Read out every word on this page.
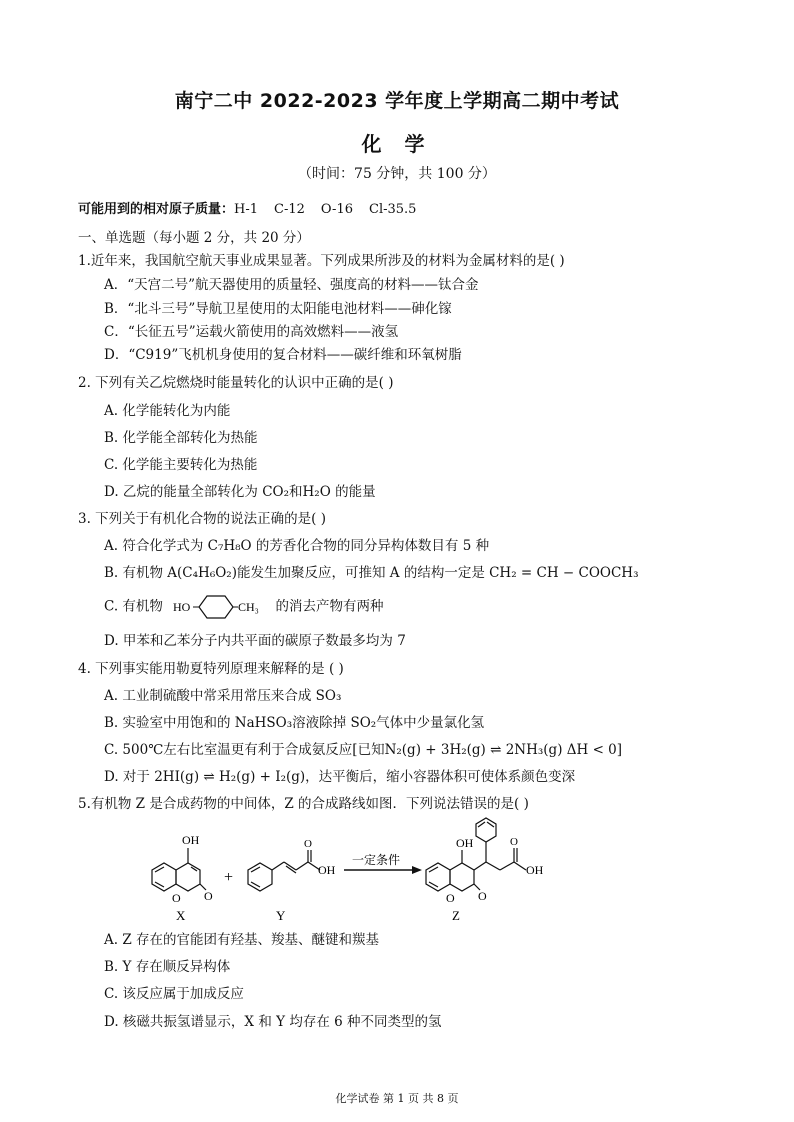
南宁二中 2022-2023 学年度上学期高二期中考试
化 学
（时间：75 分钟，共 100 分）
可能用到的相对原子质量：H-1 C-12 O-16 Cl-35.5
一、单选题（每小题 2 分，共 20 分）
1.近年来，我国航空航天事业成果显著。下列成果所涉及的材料为金属材料的是( )
A．“天宫二号”航天器使用的质量轻、强度高的材料——钛合金
B．“北斗三号”导航卫星使用的太阳能电池材料——砷化镓
C．“长征五号”运载火箭使用的高效燃料——液氢
D．“C919”飞机机身使用的复合材料——碳纤维和环氧树脂
2. 下列有关乙烷燃烧时能量转化的认识中正确的是( )
A. 化学能转化为内能
B. 化学能全部转化为热能
C. 化学能主要转化为热能
D. 乙烷的能量全部转化为 CO₂和H₂O 的能量
3. 下列关于有机化合物的说法正确的是( )
A. 符合化学式为 C₇H₈O 的芳香化合物的同分异构体数目有 5 种
B. 有机物 A(C₄H₆O₂)能发生加聚反应，可推知 A 的结构一定是 CH₂ = CH − COOCH₃
C. 有机物 HO	CH₃ 的消去产物有两种
D. 甲苯和乙苯分子内共平面的碳原子数最多均为 7
4. 下列事实能用勒夏特列原理来解释的是 ( )
A. 工业制硫酸中常采用常压来合成 SO₃
B. 实验室中用饱和的 NaHSO₃溶液除掉 SO₂气体中少量氯化氢
C. 500℃左右比室温更有利于合成氨反应[已知N₂(g) + 3H₂(g) ⇌ 2NH₃(g) ΔH < 0]
D. 对于 2HI(g) ⇌ H₂(g) + I₂(g)，达平衡后，缩小容器体积可使体系颜色变深
5.有机物 Z 是合成药物的中间体，Z 的合成路线如图．下列说法错误的是( )
OH
O O
X
+
O
OH
Y
一定条件
OH
O
O
O
OH
Z
A. Z 存在的官能团有羟基、羧基、醚键和羰基
B. Y 存在顺反异构体
C. 该反应属于加成反应
D. 核磁共振氢谱显示，X 和 Y 均存在 6 种不同类型的氢
化学试卷 第 1 页 共 8 页
